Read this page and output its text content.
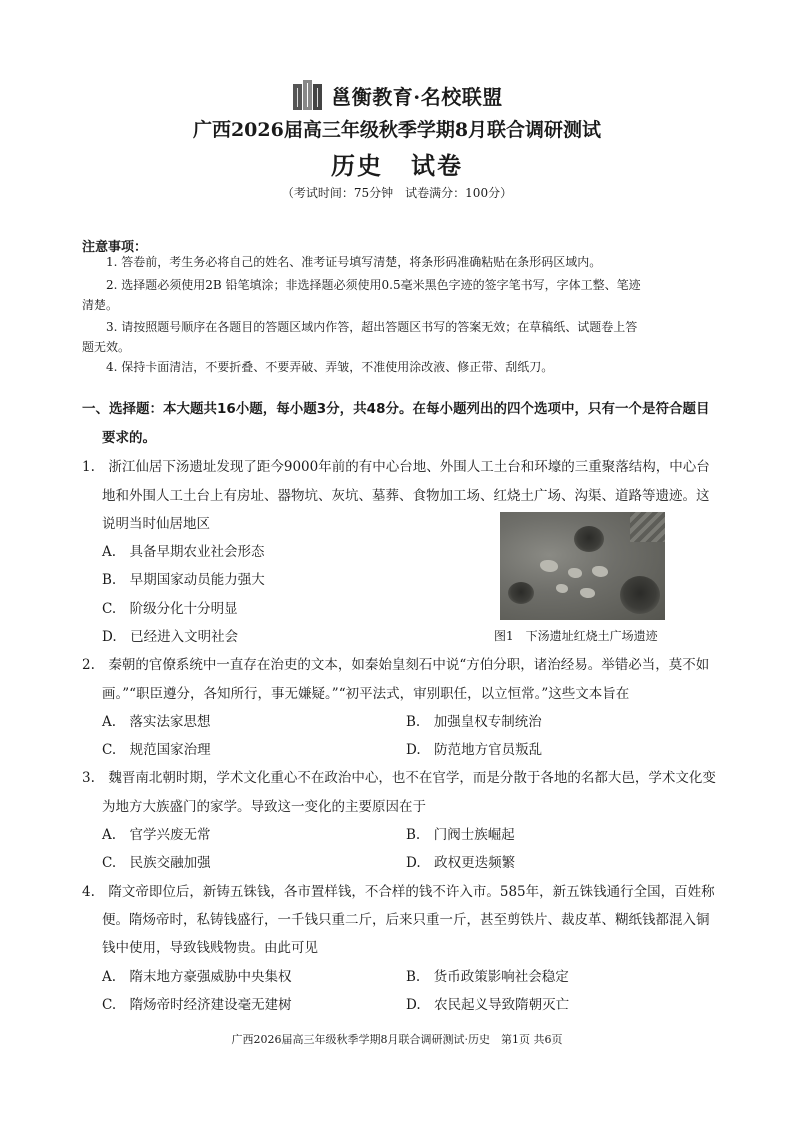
邕衡教育·名校联盟
广西2026届高三年级秋季学期8月联合调研测试
历史 试卷
（考试时间：75分钟　试卷满分：100分）
注意事项：
1. 答卷前，考生务必将自己的姓名、准考证号填写清楚，将条形码准确粘贴在条形码区域内。
2. 选择题必须使用2B 铅笔填涂；非选择题必须使用0.5毫米黑色字迹的签字笔书写，字体工整、笔迹
清楚。
3. 请按照题号顺序在各题目的答题区域内作答，超出答题区书写的答案无效；在草稿纸、试题卷上答
题无效。
4. 保持卡面清洁，不要折叠、不要弄破、弄皱，不准使用涂改液、修正带、刮纸刀。
一、选择题：本大题共16小题，每小题3分，共48分。在每小题列出的四个选项中，只有一个是符合题目
要求的。
1.　浙江仙居下汤遗址发现了距今9000年前的有中心台地、外围人工土台和环壕的三重聚落结构，中心台
地和外围人工土台上有房址、器物坑、灰坑、墓葬、食物加工场、红烧土广场、沟渠、道路等遗迹。这
说明当时仙居地区
A.　具备早期农业社会形态
B.　早期国家动员能力强大
C.　阶级分化十分明显
D.　已经进入文明社会	图1　下汤遗址红烧土广场遗迹
2.　秦朝的官僚系统中一直存在治吏的文本，如秦始皇刻石中说“方伯分职，诸治经易。举错必当，莫不如
画。”“职臣遵分，各知所行，事无嫌疑。”“初平法式，审别职任，以立恒常。”这些文本旨在
A.　落实法家思想	B.　加强皇权专制统治
C.　规范国家治理	D.　防范地方官员叛乱
3.　魏晋南北朝时期，学术文化重心不在政治中心，也不在官学，而是分散于各地的名都大邑，学术文化变
为地方大族盛门的家学。导致这一变化的主要原因在于
A.　官学兴废无常	B.　门阀士族崛起
C.　民族交融加强	D.　政权更迭频繁
4.　隋文帝即位后，新铸五铢钱，各市置样钱，不合样的钱不许入市。585年，新五铢钱通行全国，百姓称
便。隋炀帝时，私铸钱盛行，一千钱只重二斤，后来只重一斤，甚至剪铁片、裁皮革、糊纸钱都混入铜
钱中使用，导致钱贱物贵。由此可见
A.　隋末地方豪强威胁中央集权	B.　货币政策影响社会稳定
C.　隋炀帝时经济建设毫无建树	D.　农民起义导致隋朝灭亡
广西2026届高三年级秋季学期8月联合调研测试·历史　第1页 共6页
